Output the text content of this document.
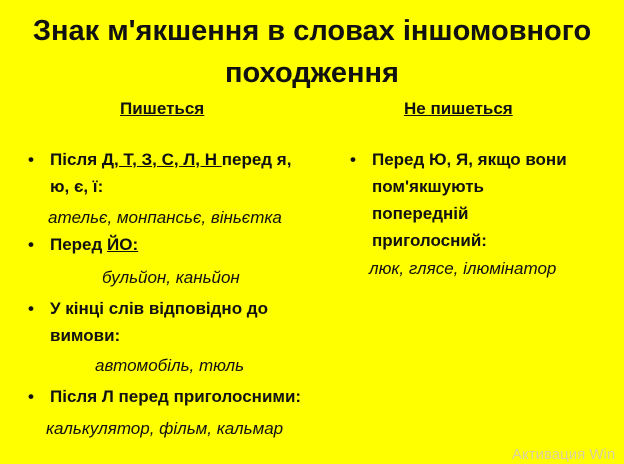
Знак м'якшення в словах іншомовного
походження
Пишеться	Не пишеться
• Після Д, Т, З, С, Л, Н перед я,
ю, є, ї:
ательє, монпансьє, віньєтка
• Перед ЙО:
бульйон, каньйон
• У кінці слів відповідно до
вимови:
автомобіль, тюль
• Після Л перед приголосними:
калькулятор, фільм, кальмар
• Перед Ю, Я, якщо вони
пом'якшують
попередній
приголосний:
люк, глясе, ілюмінатор
Активация Win
